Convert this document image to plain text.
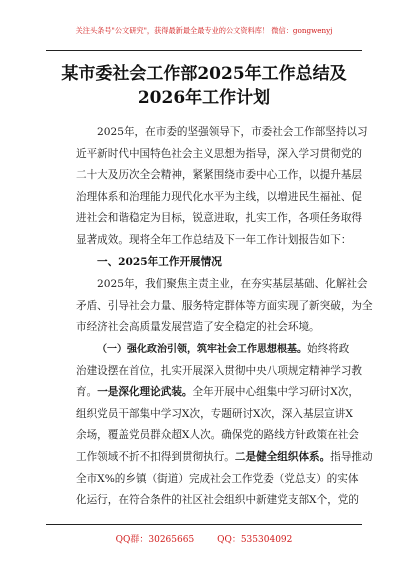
关注头条号"公文研究"，获得最新最全最专业的公文资料库！ 微信：gongwenyj
某市委社会工作部2025年工作总结及
2026年工作计划
2025年，在市委的坚强领导下，市委社会工作部坚持以习
近平新时代中国特色社会主义思想为指导，深入学习贯彻党的
二十大及历次全会精神，紧紧围绕市委中心工作，以提升基层
治理体系和治理能力现代化水平为主线，以增进民生福祉、促
进社会和谐稳定为目标，锐意进取，扎实工作，各项任务取得
显著成效。现将全年工作总结及下一年工作计划报告如下：
一、2025年工作开展情况
2025年，我们聚焦主责主业，在夯实基层基础、化解社会
矛盾、引导社会力量、服务特定群体等方面实现了新突破，为全
市经济社会高质量发展营造了安全稳定的社会环境。
（一）强化政治引领，筑牢社会工作思想根基。始终将政
治建设摆在首位，扎实开展深入贯彻中央八项规定精神学习教
育。一是深化理论武装。全年开展中心组集中学习研讨X次，
组织党员干部集中学习X次，专题研讨X次，深入基层宣讲X
余场，覆盖党员群众超X人次。确保党的路线方针政策在社会
工作领域不折不扣得到贯彻执行。二是健全组织体系。指导推动
全市X%的乡镇（街道）完成社会工作党委（党总支）的实体
化运行，在符合条件的社区社会组织中新建党支部X个，党的
QQ群：30265665        QQ：535304092
